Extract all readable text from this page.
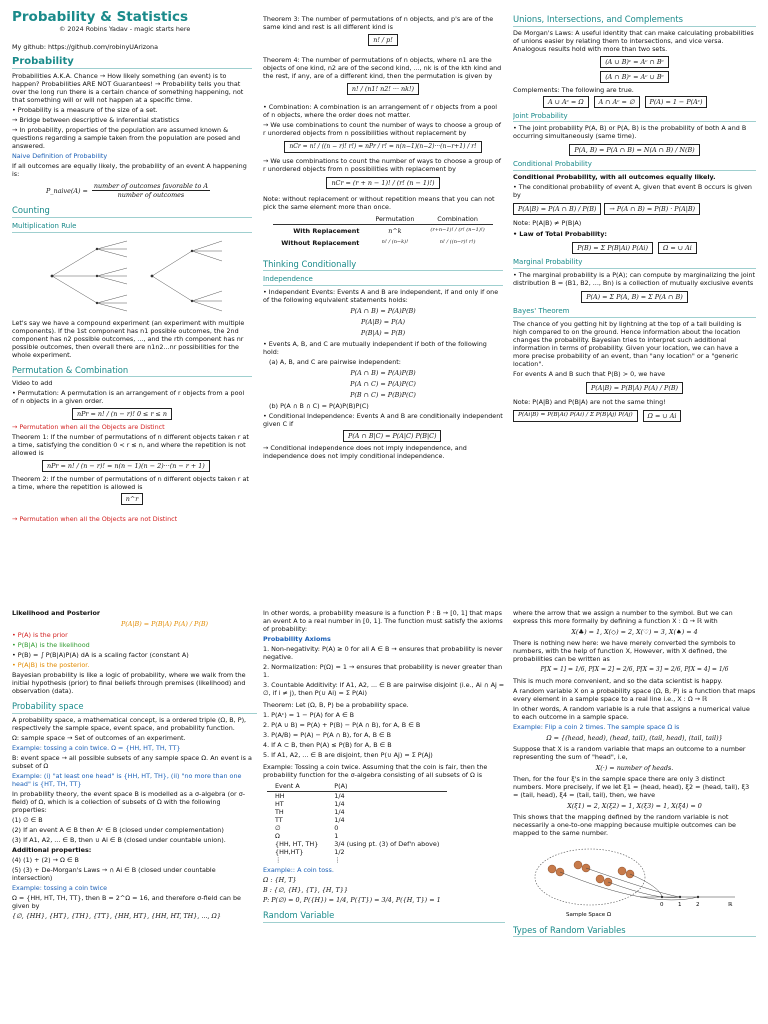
Probability & Statistics
© 2024 Robins Yadav - magic starts here

My github: https://github.com/robinyUArizona

Probability

Probabilities A.K.A. Chance → How likely something (an event) is to happen? Probabilities ARE NOT Guarantees! → Probability tells you that over the long run there is a certain chance of something happening, not that something will or will not happen at a specific time.

• Probability is a measure of the size of a set.

→ Bridge between descriptive & inferential statistics

→ In probability, properties of the population are assumed known & questions regarding a sample taken from the population are posed and answered.

Naive Definition of Probability

If all outcomes are equally likely, the probability of an event A happening is:

P_naive(A) =
number of outcomes favorable to A
number of outcomes
Counting
Multiplication Rule

Let's say we have a compound experiment (an experiment with multiple components). If the 1st component has n1 possible outcomes, the 2nd component has n2 possible outcomes, ..., and the rth component has nr possible outcomes, then overall there are n1n2...nr possibilities for the whole experiment.

Permutation & Combination

Video to add

• Permutation: A permutation is an arrangement of r objects from a pool of n objects in a given order.

nPr = n! / (n − r)! 0 ≤ r ≤ n

→ Permutation when all the Objects are Distinct

Theorem 1: If the number of permutations of n different objects taken r at a time, satisfying the condition 0 < r ≤ n, and where the repetition is not allowed is

nPr = n! / (n − r)! = n(n − 1)(n − 2)···(n − r + 1)

Theorem 2: If the number of permutations of n different objects taken r at a time, where the repetition is allowed is

n^r

→ Permutation when all the Objects are not Distinct

Theorem 3: The number of permutations of n objects, and p's are of the same kind and rest is all different kind is

n! / p!

Theorem 4: The number of permutations of n objects, where n1 are the objects of one kind, n2 are of the second kind, ..., nk is of the kth kind and the rest, if any, are of a different kind, then the permutation is given by

n! / (n1! n2! ··· nk!)

• Combination: A combination is an arrangement of r objects from a pool of n objects, where the order does not matter.

→ We use combinations to count the number of ways to choose a group of r unordered objects from n possibilities without replacement by

nCr = n! / ((n − r)! r!) = nPr / r! = n(n−1)(n−2)···(n−r+1) / r!

→ We use combinations to count the number of ways to choose a group of r unordered objects from n possibilities with replacement by

nCr = (r + n − 1)! / (r! (n − 1)!)

Note: without replacement or without repetition means that you can not pick the same element more than once.

	Permutation	Combination
With Replacement	n^k	(r+n−1)! / (r! (n−1)!)
Without Replacement	n! / (n−k)!	n! / ((n−r)! r!)
Thinking Conditionally
Independence

• Independent Events: Events A and B are independent, if and only if one of the following equivalent statements holds:

P(A ∩ B) = P(A)P(B)
P(A|B) = P(A)
P(B|A) = P(B)

• Events A, B, and C are mutually independent if both of the following hold:

(a) A, B, and C are pairwise independent:

P(A ∩ B) = P(A)P(B)
P(A ∩ C) = P(A)P(C)
P(B ∩ C) = P(B)P(C)

(b) P(A ∩ B ∩ C) = P(A)P(B)P(C)

• Conditional Independence: Events A and B are conditionally independent given C if

P(A ∩ B|C) = P(A|C) P(B|C)

→ Conditional independence does not imply independence, and independence does not imply conditional independence.

Unions, Intersections, and Complements

De Morgan's Laws: A useful identity that can make calculating probabilities of unions easier by relating them to intersections, and vice versa. Analogous results hold with more than two sets.

(A ∪ B)ᶜ = Aᶜ ∩ Bᶜ
(A ∩ B)ᶜ = Aᶜ ∪ Bᶜ

Complements: The following are true.

A ∪ Aᶜ = Ω	A ∩ Aᶜ = ∅	P(A) = 1 − P(Aᶜ)
Joint Probability

• The joint probability P(A, B) or P(A, B) is the probability of both A and B occurring simultaneously (same time).

P(A, B) = P(A ∩ B) = N(A ∩ B) / N(B)
Conditional Probability

Conditional Probability, with all outcomes equally likely.

• The conditional probability of event A, given that event B occurs is given by

P(A|B) = P(A ∩ B) / P(B)	→ P(A ∩ B) = P(B) · P(A|B)
Note: P(A|B) ≠ P(B|A)

• Law of Total Probability:

P(B) = Σ P(B|Ai) P(Ai)	Ω = ∪ Ai
Marginal Probability

• The marginal probability is a P(A); can compute by marginalizing the joint distribution B = (B1, B2, ..., Bn) is a collection of mutually exclusive events

P(A) = Σ P(A, B) = Σ P(A ∩ B)
Bayes' Theorem

The chance of you getting hit by lightning at the top of a tall building is high compared to on the ground. Hence information about the location changes the probability. Bayesian tries to interpret such additional information in terms of probability. Given your location, we can have a more precise probability of an event, than "any location" or a "generic location".

For events A and B such that P(B) > 0, we have

P(A|B) = P(B|A) P(A) / P(B)

Note: P(A|B) and P(B|A) are not the same thing!

P(Ai|B) = P(B|Ai) P(Ai) / Σ P(B|Aj) P(Aj)	Ω = ∪ Ai

Likelihood and Posterior

P(A|B) = P(B|A) P(A) / P(B)

• P(A) is the prior

• P(B|A) is the likelihood

• P(B) = ∫ P(B|A)P(A) dA is a scaling factor (constant A)

• P(A|B) is the posterior.

Bayesian probability is like a logic of probability, where we walk from the initial hypothesis (prior) to final beliefs through premises (likelihood) and observation (data).

Probability space

A probability space, a mathematical concept, is a ordered triple (Ω, B, P), respectively the sample space, event space, and probability function.

Ω: sample space → Set of outcomes of an experiment.

Example: tossing a coin twice. Ω = {HH, HT, TH, TT}

B: event space → all possible subsets of any sample space Ω. An event is a subset of Ω

Example: (i) "at least one head" is {HH, HT, TH}, (ii) "no more than one head" is {HT, TH, TT}

In probability theory, the event space B is modelled as a σ-algebra (or σ-field) of Ω, which is a collection of subsets of Ω with the following properties:

(1) ∅ ∈ B

(2) If an event A ∈ B then Aᶜ ∈ B (closed under complementation)

(3) If A1, A2, ... ∈ B, then ∪ Ai ∈ B (closed under countable union).

Additional properties:

(4) (1) + (2) → Ω ∈ B

(5) (3) + De-Morgan's Laws → ∩ Ai ∈ B (closed under countable intersection)

Example: tossing a coin twice

Ω = {HH, HT, TH, TT}, then B = 2^Ω = 16, and therefore σ-field can be given by

{∅, {HH}, {HT}, {TH}, {TT}, {HH, HT}, {HH, HT, TH}, ..., Ω}

In other words, a probability measure is a function P : B → [0, 1] that maps an event A to a real number in [0, 1]. The function must satisfy the axioms of probability:

Probability Axioms

1. Non-negativity: P(A) ≥ 0 for all A ∈ B → ensures that probability is never negative.

2. Normalization: P(Ω) = 1 → ensures that probability is never greater than 1.

3. Countable Additivity: If A1, A2, ... ∈ B are pairwise disjoint (i.e., Ai ∩ Aj = ∅, if i ≠ j), then P(∪ Ai) = Σ P(Ai)

Theorem: Let (Ω, B, P) be a probability space.

1. P(Aᶜ) = 1 − P(A) for A ∈ B

2. P(A ∪ B) = P(A) + P(B) − P(A ∩ B), for A, B ∈ B

3. P(A/B) = P(A) − P(A ∩ B), for A, B ∈ B

4. If A ⊂ B, then P(A) ≤ P(B) for A, B ∈ B

5. If A1, A2, ... ∈ B are disjoint, then P(∪ Aj) = Σ P(Aj)

Example: Tossing a coin twice. Assuming that the coin is fair, then the probability function for the σ-algebra consisting of all subsets of Ω is

Event A	P(A)
HH	1/4
HT	1/4
TH	1/4
TT	1/4
∅	0
Ω	1
{HH, HT, TH}	3/4 (using pt. (3) of Def'n above)
{HH,HT}	1/2
⋮	⋮

Example:: A coin toss.

Ω : {H, T}

B : {∅, {H}, {T}, {H, T}}

P: P(∅) = 0, P({H}) = 1/4, P({T}) = 3/4, P({H, T}) = 1

Random Variable

where the arrow that we assign a number to the symbol. But we can express this more formally by defining a function X : Ω → ℝ with

X(♣) = 1, X(◇) = 2, X(♡) = 3, X(♠) = 4

There is nothing new here: we have merely converted the symbols to numbers, with the help of function X, However, with X defined, the probabilities can be written as

P[X = 1] = 1/6, P[X = 2] = 2/6, P[X = 3] = 2/6, P[X = 4] = 1/6

This is much more convenient, and so the data scientist is happy.

A random variable X on a probability space (Ω, B, P) is a function that maps every element in a sample space to a real line i.e., X : Ω → ℝ

In other words, A random variable is a rule that assigns a numerical value to each outcome in a sample space.

Example: Flip a coin 2 times. The sample space Ω is

Ω = {(head, head), (head, tail), (tail, head), (tail, tail)}

Suppose that X is a random variable that maps an outcome to a number representing the sum of "head", i.e,

X(·) = number of heads.

Then, for the four ξ's in the sample space there are only 3 distinct numbers. More precisely, if we let ξ1 = (head, head), ξ2 = (head, tail), ξ3 = (tail, head), ξ4 = (tail, tail), then, we have

X(ξ1) = 2, X(ξ2) = 1, X(ξ3) = 1, X(ξ4) = 0

This shows that the mapping defined by the random variable is not necessarily a one-to-one mapping because multiple outcomes can be mapped to the same number.

0	1	2	ℝ
Sample Space Ω
Types of Random Variables
